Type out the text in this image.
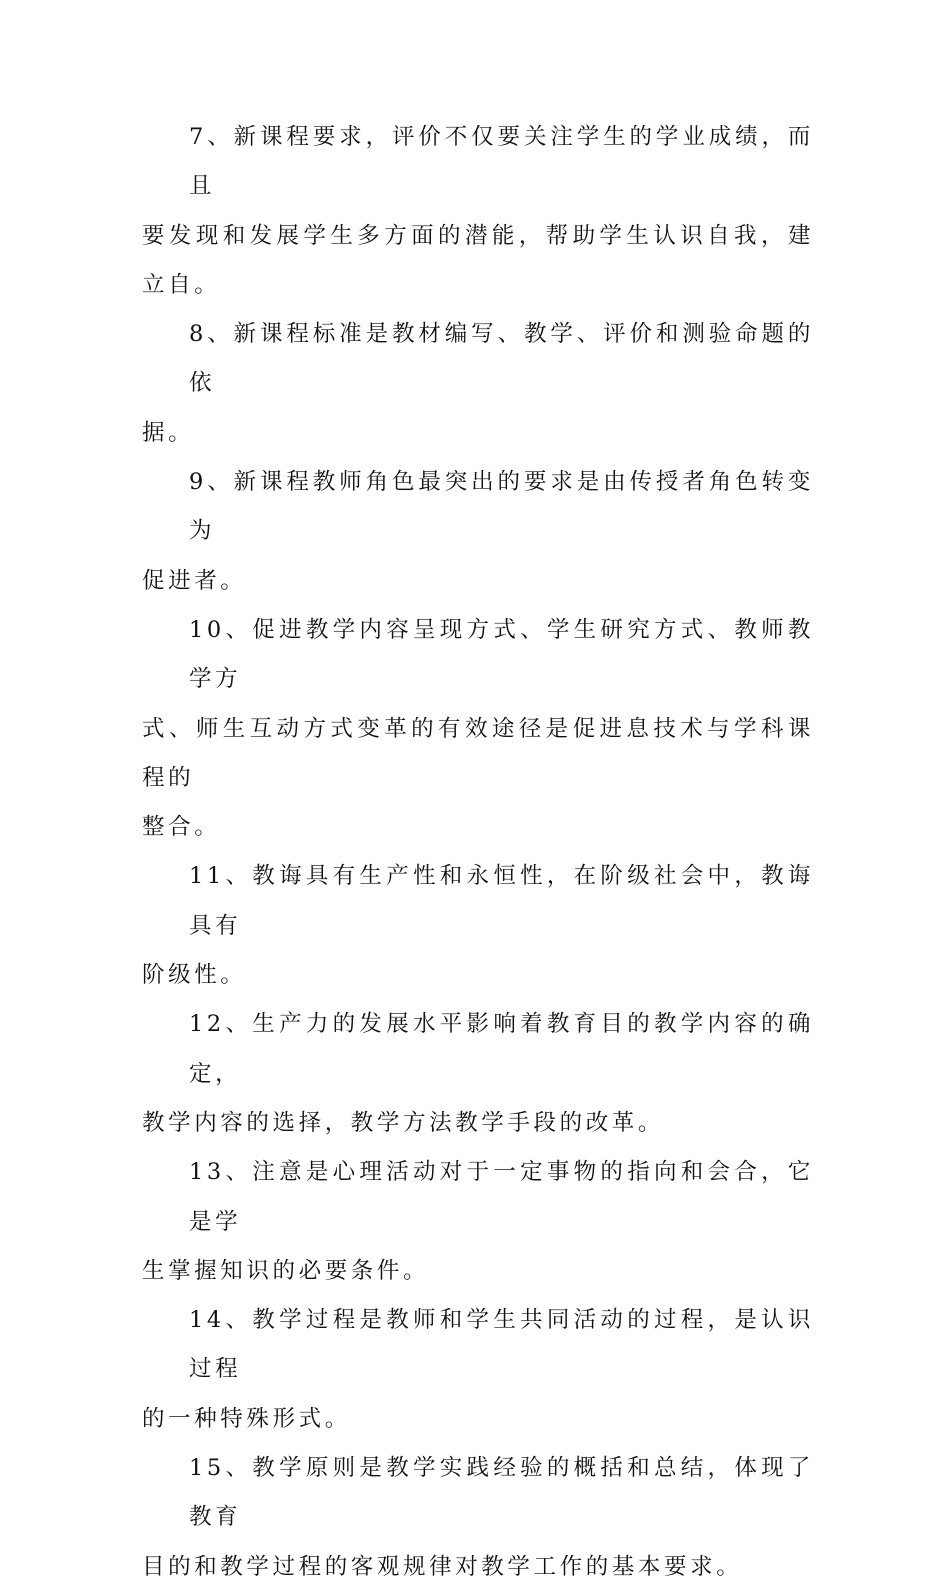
7、新课程要求，评价不仅要关注学生的学业成绩，而且
要发现和发展学生多方面的潜能，帮助学生认识自我，建立自。

8、新课程标准是教材编写、教学、评价和测验命题的依
据。

9、新课程教师角色最突出的要求是由传授者角色转变为
促进者。

10、促进教学内容呈现方式、学生研究方式、教师教学方
式、师生互动方式变革的有效途径是促进息技术与学科课程的
整合。

11、教诲具有生产性和永恒性，在阶级社会中，教诲具有
阶级性。

12、生产力的发展水平影响着教育目的教学内容的确定，
教学内容的选择，教学方法教学手段的改革。

13、注意是心理活动对于一定事物的指向和会合，它是学
生掌握知识的必要条件。

14、教学过程是教师和学生共同活动的过程，是认识过程
的一种特殊形式。

15、教学原则是教学实践经验的概括和总结，体现了教育
目的和教学过程的客观规律对教学工作的基本要求。
